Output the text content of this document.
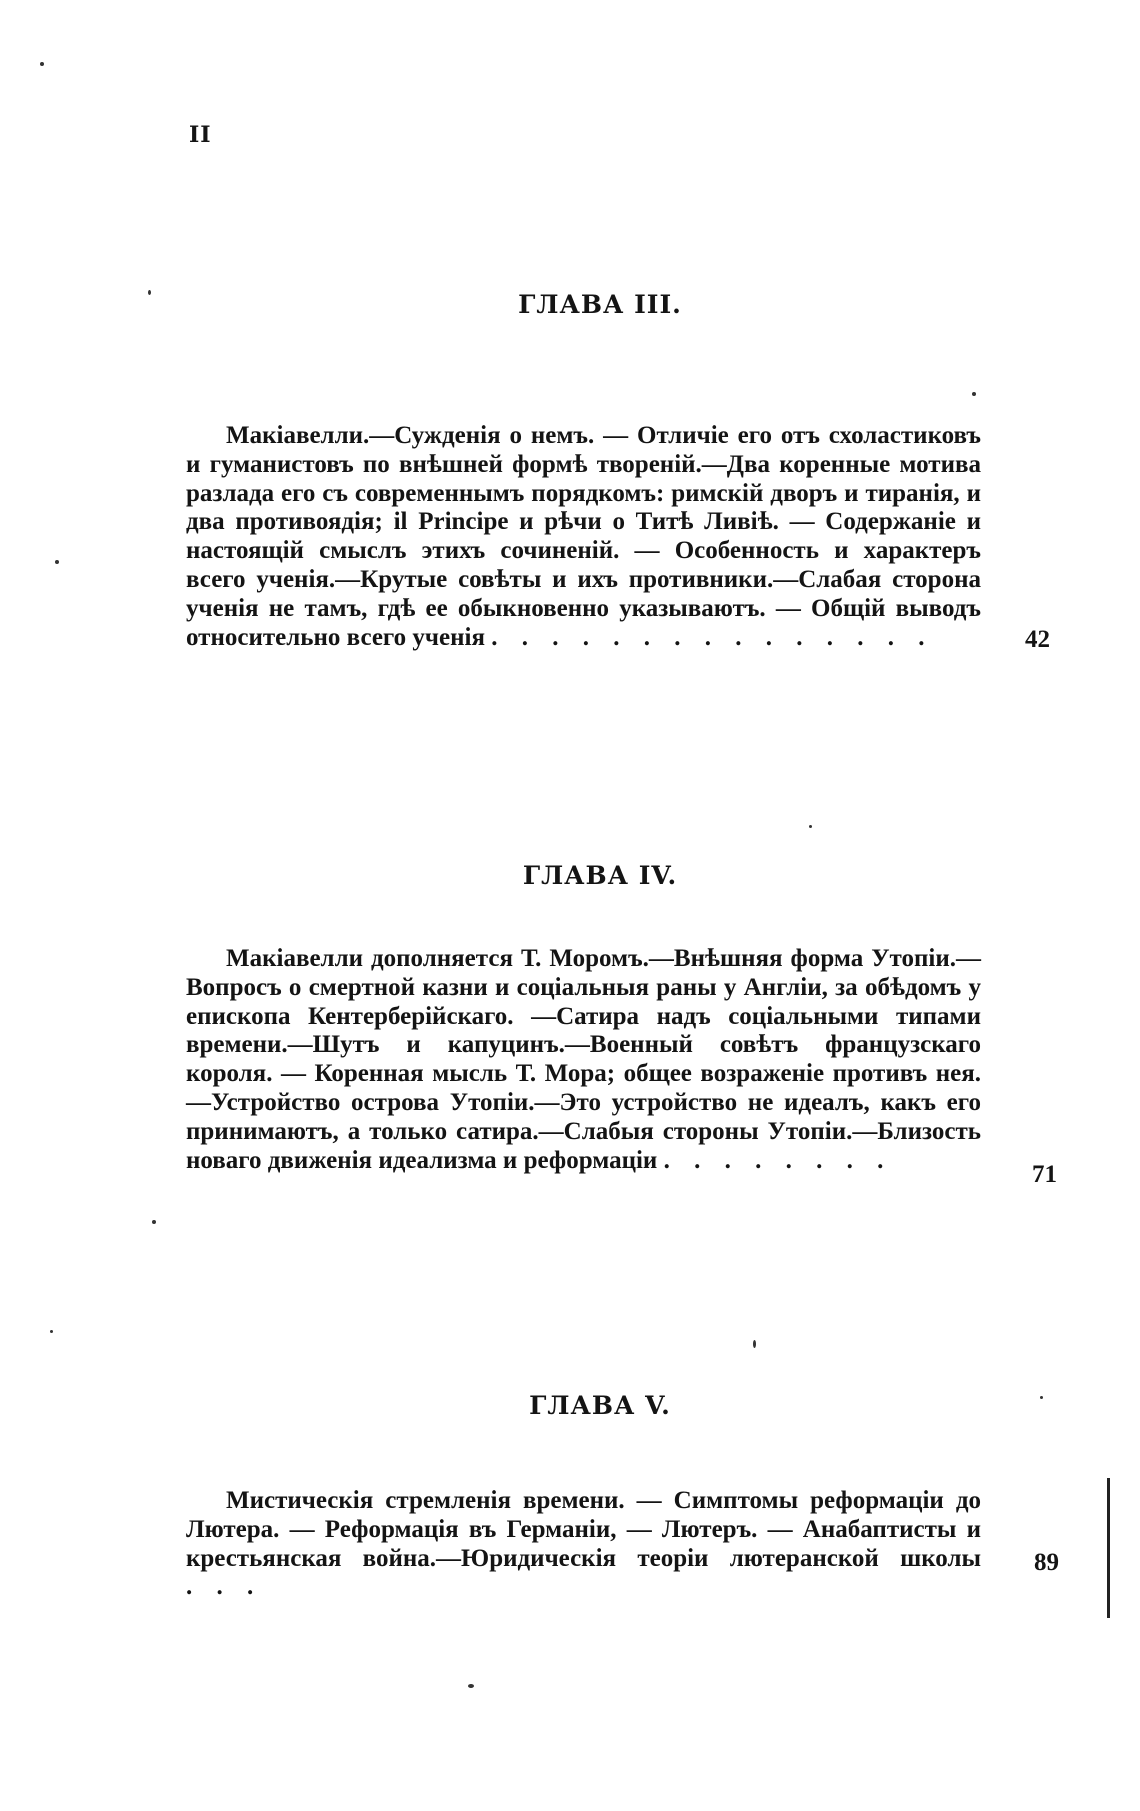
II
ГЛАВА III.
Макіавелли.—Сужденія о немъ. — Отличіе его отъ схоластиковъ и гуманистовъ по внѣшней формѣ твореній.—Два коренные мотива разлада его съ современнымъ порядкомъ: римскій дворъ и тиранія, и два противоядія; il Principe и рѣчи о Титѣ Ливіѣ. — Содержаніе и настоящій смыслъ этихъ сочиненій. — Особенность и характеръ всего ученія.—Крутые совѣты и ихъ противники.—Слабая сторона ученія не тамъ, гдѣ ее обыкновенно указываютъ. — Общій выводъ относительно всего ученія . . . . . . . . . . . . . . .	42
ГЛАВА IV.
Макіавелли дополняется Т. Моромъ.—Внѣшняя форма Утопіи.— Вопросъ о смертной казни и соціальныя раны у Англіи, за обѣдомъ у епископа Кентерберійскаго. —Сатира надъ соціальными типами времени.—Шутъ и капуцинъ.—Военный совѣтъ французскаго короля. — Коренная мысль Т. Мора; общее возраженіе противъ нея.—Устройство острова Утопіи.—Это устройство не идеалъ, какъ его принимаютъ, а только сатира.—Слабыя стороны Утопіи.—Близость новаго движенія идеализма и реформаціи . . . . . . . .
71
ГЛАВА V.
Мистическія стремленія времени. — Симптомы реформаціи до Лютера. — Реформація въ Германіи, — Лютеръ. — Анабаптисты и крестьянская война.—Юридическія теоріи лютеранской школы . . .
89
